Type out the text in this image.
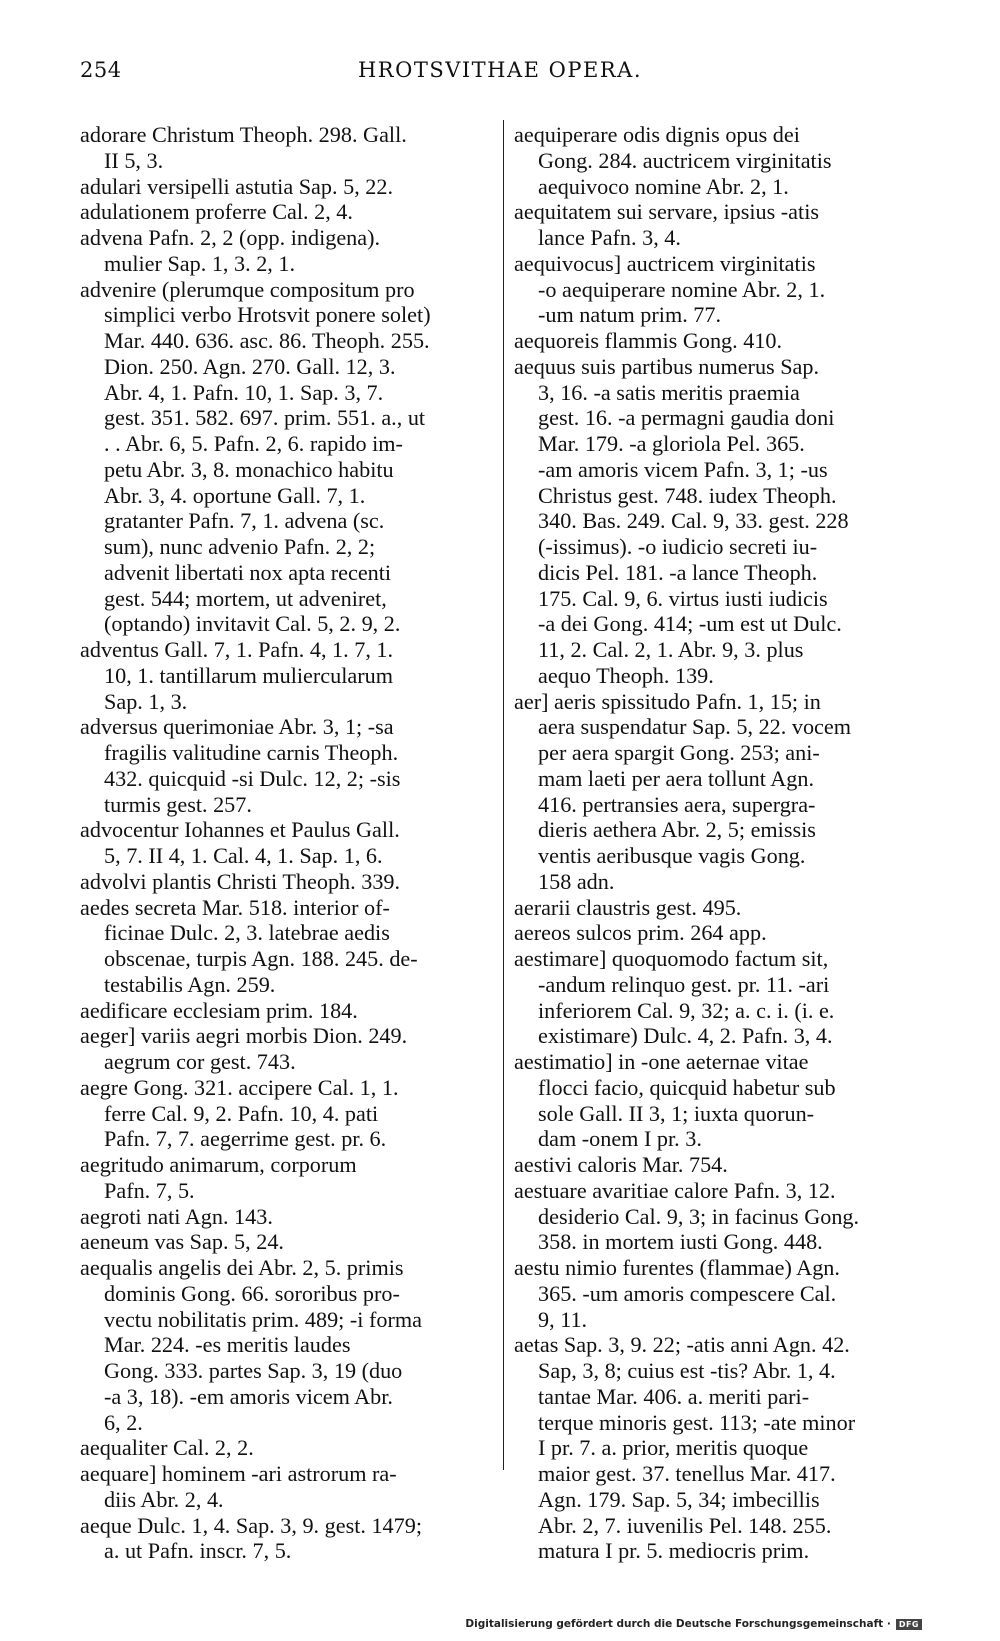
254	HROTSVITHAE OPERA.
adorare Christum Theoph. 298. Gall.
II 5, 3.
adulari versipelli astutia Sap. 5, 22.
adulationem proferre Cal. 2, 4.
advena Pafn. 2, 2 (opp. indigena).
mulier Sap. 1, 3. 2, 1.
advenire (plerumque compositum pro
simplici verbo Hrotsvit ponere solet)
Mar. 440. 636. asc. 86. Theoph. 255.
Dion. 250. Agn. 270. Gall. 12, 3.
Abr. 4, 1. Pafn. 10, 1. Sap. 3, 7.
gest. 351. 582. 697. prim. 551. a., ut
. . Abr. 6, 5. Pafn. 2, 6. rapido im-
petu Abr. 3, 8. monachico habitu
Abr. 3, 4. oportune Gall. 7, 1.
gratanter Pafn. 7, 1. advena (sc.
sum), nunc advenio Pafn. 2, 2;
advenit libertati nox apta recenti
gest. 544; mortem, ut adveniret,
(optando) invitavit Cal. 5, 2. 9, 2.
adventus Gall. 7, 1. Pafn. 4, 1. 7, 1.
10, 1. tantillarum muliercularum
Sap. 1, 3.
adversus querimoniae Abr. 3, 1; -sa
fragilis valitudine carnis Theoph.
432. quicquid -si Dulc. 12, 2; -sis
turmis gest. 257.
advocentur Iohannes et Paulus Gall.
5, 7. II 4, 1. Cal. 4, 1. Sap. 1, 6.
advolvi plantis Christi Theoph. 339.
aedes secreta Mar. 518. interior of-
ficinae Dulc. 2, 3. latebrae aedis
obscenae, turpis Agn. 188. 245. de-
testabilis Agn. 259.
aedificare ecclesiam prim. 184.
aeger] variis aegri morbis Dion. 249.
aegrum cor gest. 743.
aegre Gong. 321. accipere Cal. 1, 1.
ferre Cal. 9, 2. Pafn. 10, 4. pati
Pafn. 7, 7. aegerrime gest. pr. 6.
aegritudo animarum, corporum
Pafn. 7, 5.
aegroti nati Agn. 143.
aeneum vas Sap. 5, 24.
aequalis angelis dei Abr. 2, 5. primis
dominis Gong. 66. sororibus pro-
vectu nobilitatis prim. 489; -i forma
Mar. 224. -es meritis laudes
Gong. 333. partes Sap. 3, 19 (duo
-a 3, 18). -em amoris vicem Abr.
6, 2.
aequaliter Cal. 2, 2.
aequare] hominem -ari astrorum ra-
diis Abr. 2, 4.
aeque Dulc. 1, 4. Sap. 3, 9. gest. 1479;
a. ut Pafn. inscr. 7, 5.
aequiperare odis dignis opus dei
Gong. 284. auctricem virginitatis
aequivoco nomine Abr. 2, 1.
aequitatem sui servare, ipsius -atis
lance Pafn. 3, 4.
aequivocus] auctricem virginitatis
-o aequiperare nomine Abr. 2, 1.
-um natum prim. 77.
aequoreis flammis Gong. 410.
aequus suis partibus numerus Sap.
3, 16. -a satis meritis praemia
gest. 16. -a permagni gaudia doni
Mar. 179. -a gloriola Pel. 365.
-am amoris vicem Pafn. 3, 1; -us
Christus gest. 748. iudex Theoph.
340. Bas. 249. Cal. 9, 33. gest. 228
(-issimus). -o iudicio secreti iu-
dicis Pel. 181. -a lance Theoph.
175. Cal. 9, 6. virtus iusti iudicis
-a dei Gong. 414; -um est ut Dulc.
11, 2. Cal. 2, 1. Abr. 9, 3. plus
aequo Theoph. 139.
aer] aeris spissitudo Pafn. 1, 15; in
aera suspendatur Sap. 5, 22. vocem
per aera spargit Gong. 253; ani-
mam laeti per aera tollunt Agn.
416. pertransies aera, supergra-
dieris aethera Abr. 2, 5; emissis
ventis aeribusque vagis Gong.
158 adn.
aerarii claustris gest. 495.
aereos sulcos prim. 264 app.
aestimare] quoquomodo factum sit,
-andum relinquo gest. pr. 11. -ari
inferiorem Cal. 9, 32; a. c. i. (i. e.
existimare) Dulc. 4, 2. Pafn. 3, 4.
aestimatio] in -one aeternae vitae
flocci facio, quicquid habetur sub
sole Gall. II 3, 1; iuxta quorun-
dam -onem I pr. 3.
aestivi caloris Mar. 754.
aestuare avaritiae calore Pafn. 3, 12.
desiderio Cal. 9, 3; in facinus Gong.
358. in mortem iusti Gong. 448.
aestu nimio furentes (flammae) Agn.
365. -um amoris compescere Cal.
9, 11.
aetas Sap. 3, 9. 22; -atis anni Agn. 42.
Sap, 3, 8; cuius est -tis? Abr. 1, 4.
tantae Mar. 406. a. meriti pari-
terque minoris gest. 113; -ate minor
I pr. 7. a. prior, meritis quoque
maior gest. 37. tenellus Mar. 417.
Agn. 179. Sap. 5, 34; imbecillis
Abr. 2, 7. iuvenilis Pel. 148. 255.
matura I pr. 5. mediocris prim.
Digitalisierung gefördert durch die Deutsche Forschungsgemeinschaft ·	DFG
